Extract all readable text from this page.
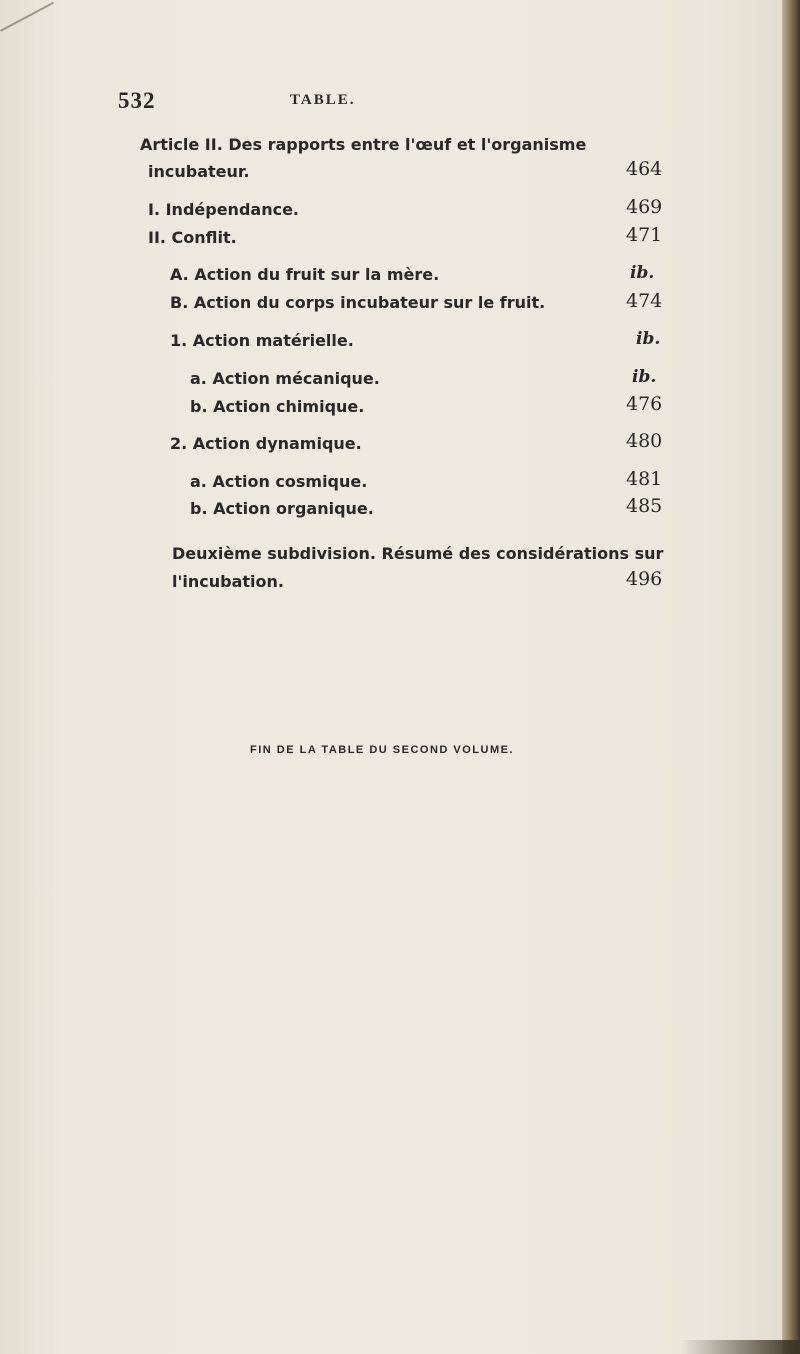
532	TABLE.
Article II. Des rapports entre l'œuf et l'organisme
incubateur.	464
I. Indépendance.	469
II. Conflit.	471
A. Action du fruit sur la mère.	ib.
B. Action du corps incubateur sur le fruit.	474
1. Action matérielle.	ib.
a. Action mécanique.	ib.
b. Action chimique.	476
2. Action dynamique.	480
a. Action cosmique.	481
b. Action organique.	485
Deuxième subdivision. Résumé des considérations sur
l'incubation.	496
FIN DE LA TABLE DU SECOND VOLUME.
